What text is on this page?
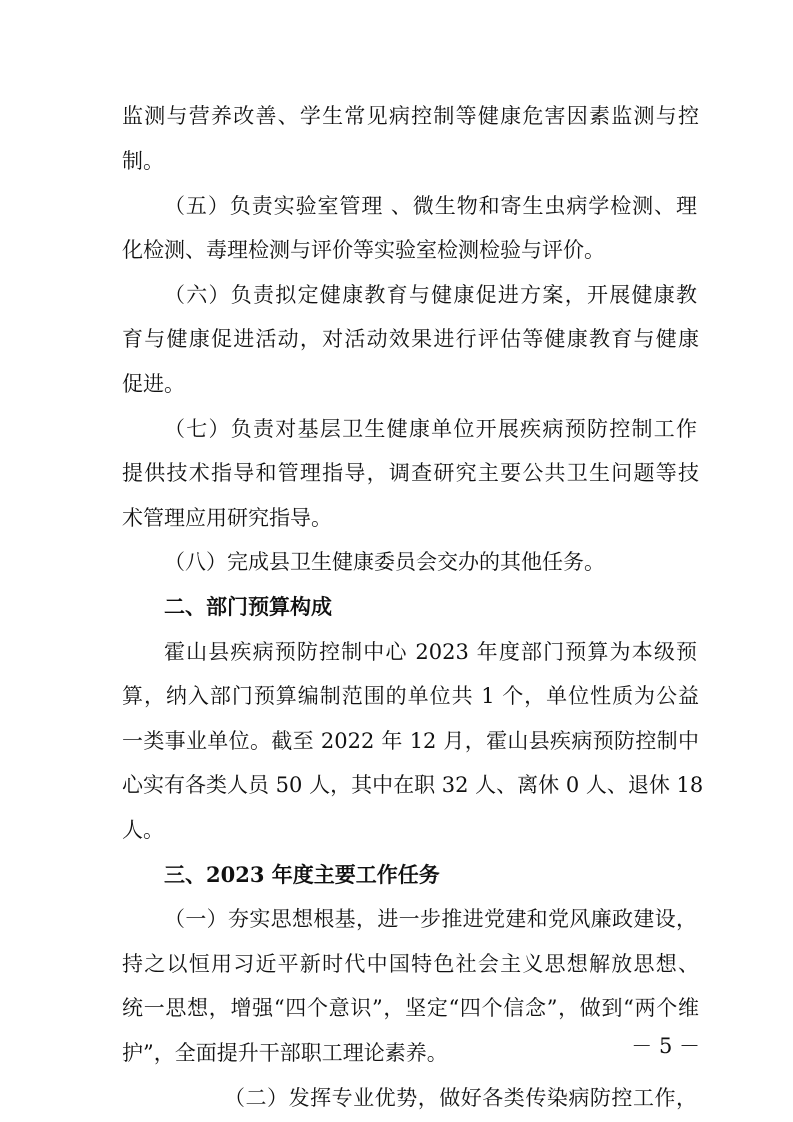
监测与营养改善、学生常见病控制等健康危害因素监测与控
制。
（五）负责实验室管理 、微生物和寄生虫病学检测、理
化检测、毒理检测与评价等实验室检测检验与评价。
（六）负责拟定健康教育与健康促进方案，开展健康教
育与健康促进活动，对活动效果进行评估等健康教育与健康
促进。
（七）负责对基层卫生健康单位开展疾病预防控制工作
提供技术指导和管理指导，调查研究主要公共卫生问题等技
术管理应用研究指导。
（八）完成县卫生健康委员会交办的其他任务。
二、部门预算构成
霍山县疾病预防控制中心 2023 年度部门预算为本级预
算，纳入部门预算编制范围的单位共 1 个，单位性质为公益
一类事业单位。截至 2022 年 12 月，霍山县疾病预防控制中
心实有各类人员 50 人，其中在职 32 人、离休 0 人、退休 18
人。
三、2023 年度主要工作任务
（一）夯实思想根基，进一步推进党建和党风廉政建设，
持之以恒用习近平新时代中国特色社会主义思想解放思想、
统一思想，增强“四个意识”，坚定“四个信念”，做到“两个维
护”，全面提升干部职工理论素养。
（二）发挥专业优势，做好各类传染病防控工作，
－ 5 －
